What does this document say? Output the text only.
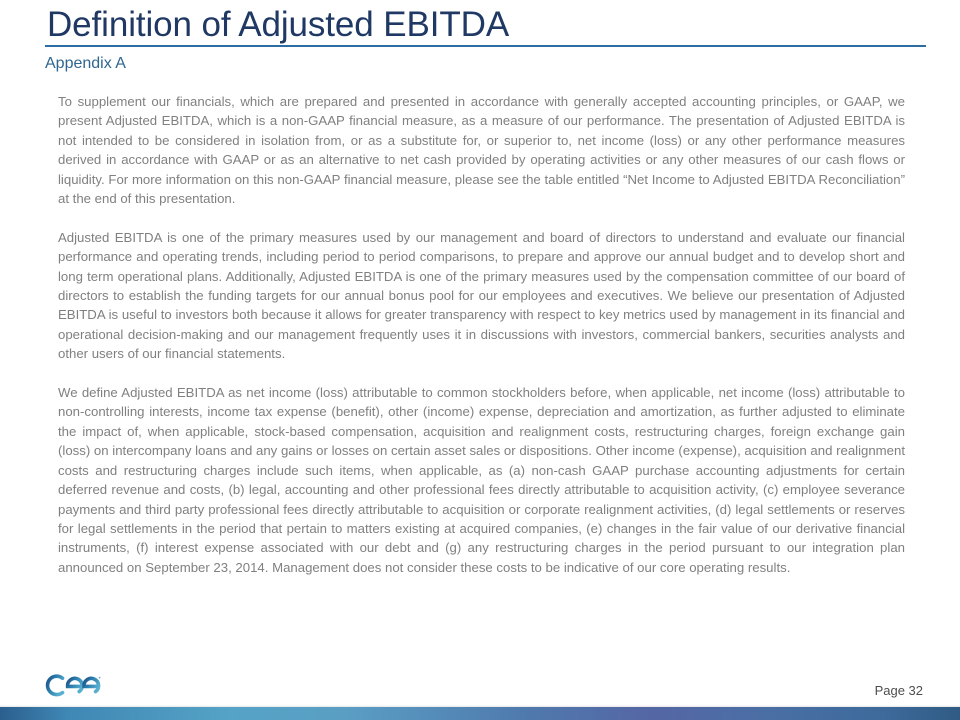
Definition of Adjusted EBITDA
Appendix A

To supplement our financials, which are prepared and presented in accordance with generally accepted accounting principles, or GAAP, we present Adjusted EBITDA, which is a non-GAAP financial measure, as a measure of our performance. The presentation of Adjusted EBITDA is not intended to be considered in isolation from, or as a substitute for, or superior to, net income (loss) or any other performance measures derived in accordance with GAAP or as an alternative to net cash provided by operating activities or any other measures of our cash flows or liquidity. For more information on this non-GAAP financial measure, please see the table entitled “Net Income to Adjusted EBITDA Reconciliation” at the end of this presentation.

Adjusted EBITDA is one of the primary measures used by our management and board of directors to understand and evaluate our financial performance and operating trends, including period to period comparisons, to prepare and approve our annual budget and to develop short and long term operational plans. Additionally, Adjusted EBITDA is one of the primary measures used by the compensation committee of our board of directors to establish the funding targets for our annual bonus pool for our employees and executives. We believe our presentation of Adjusted EBITDA is useful to investors both because it allows for greater transparency with respect to key metrics used by management in its financial and operational decision-making and our management frequently uses it in discussions with investors, commercial bankers, securities analysts and other users of our financial statements.

We define Adjusted EBITDA as net income (loss) attributable to common stockholders before, when applicable, net income (loss) attributable to non-controlling interests, income tax expense (benefit), other (income) expense, depreciation and amortization, as further adjusted to eliminate the impact of, when applicable, stock-based compensation, acquisition and realignment costs, restructuring charges, foreign exchange gain (loss) on intercompany loans and any gains or losses on certain asset sales or dispositions. Other income (expense), acquisition and realignment costs and restructuring charges include such items, when applicable, as (a) non-cash GAAP purchase accounting adjustments for certain deferred revenue and costs, (b) legal, accounting and other professional fees directly attributable to acquisition activity, (c) employee severance payments and third party professional fees directly attributable to acquisition or corporate realignment activities, (d) legal settlements or reserves for legal settlements in the period that pertain to matters existing at acquired companies, (e) changes in the fair value of our derivative financial instruments, (f) interest expense associated with our debt and (g) any restructuring charges in the period pursuant to our integration plan announced on September 23, 2014. Management does not consider these costs to be indicative of our core operating results.

Page 32
